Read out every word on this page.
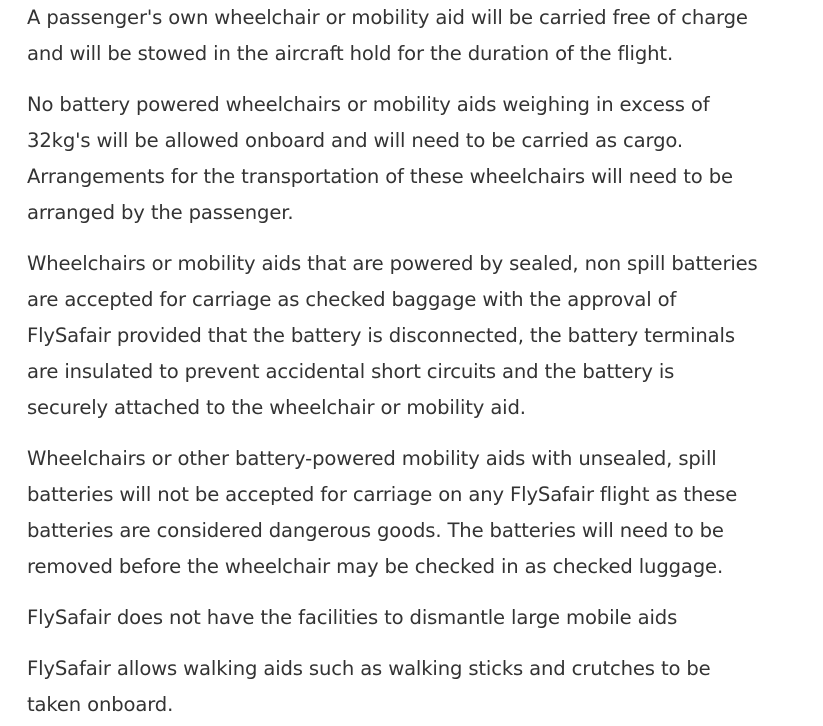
A passenger's own wheelchair or mobility aid will be carried free of charge
and will be stowed in the aircraft hold for the duration of the flight.

No battery powered wheelchairs or mobility aids weighing in excess of
32kg's will be allowed onboard and will need to be carried as cargo.
Arrangements for the transportation of these wheelchairs will need to be
arranged by the passenger.

Wheelchairs or mobility aids that are powered by sealed, non spill batteries
are accepted for carriage as checked baggage with the approval of
FlySafair provided that the battery is disconnected, the battery terminals
are insulated to prevent accidental short circuits and the battery is
securely attached to the wheelchair or mobility aid.

Wheelchairs or other battery-powered mobility aids with unsealed, spill
batteries will not be accepted for carriage on any FlySafair flight as these
batteries are considered dangerous goods. The batteries will need to be
removed before the wheelchair may be checked in as checked luggage.

FlySafair does not have the facilities to dismantle large mobile aids

FlySafair allows walking aids such as walking sticks and crutches to be
taken onboard.
